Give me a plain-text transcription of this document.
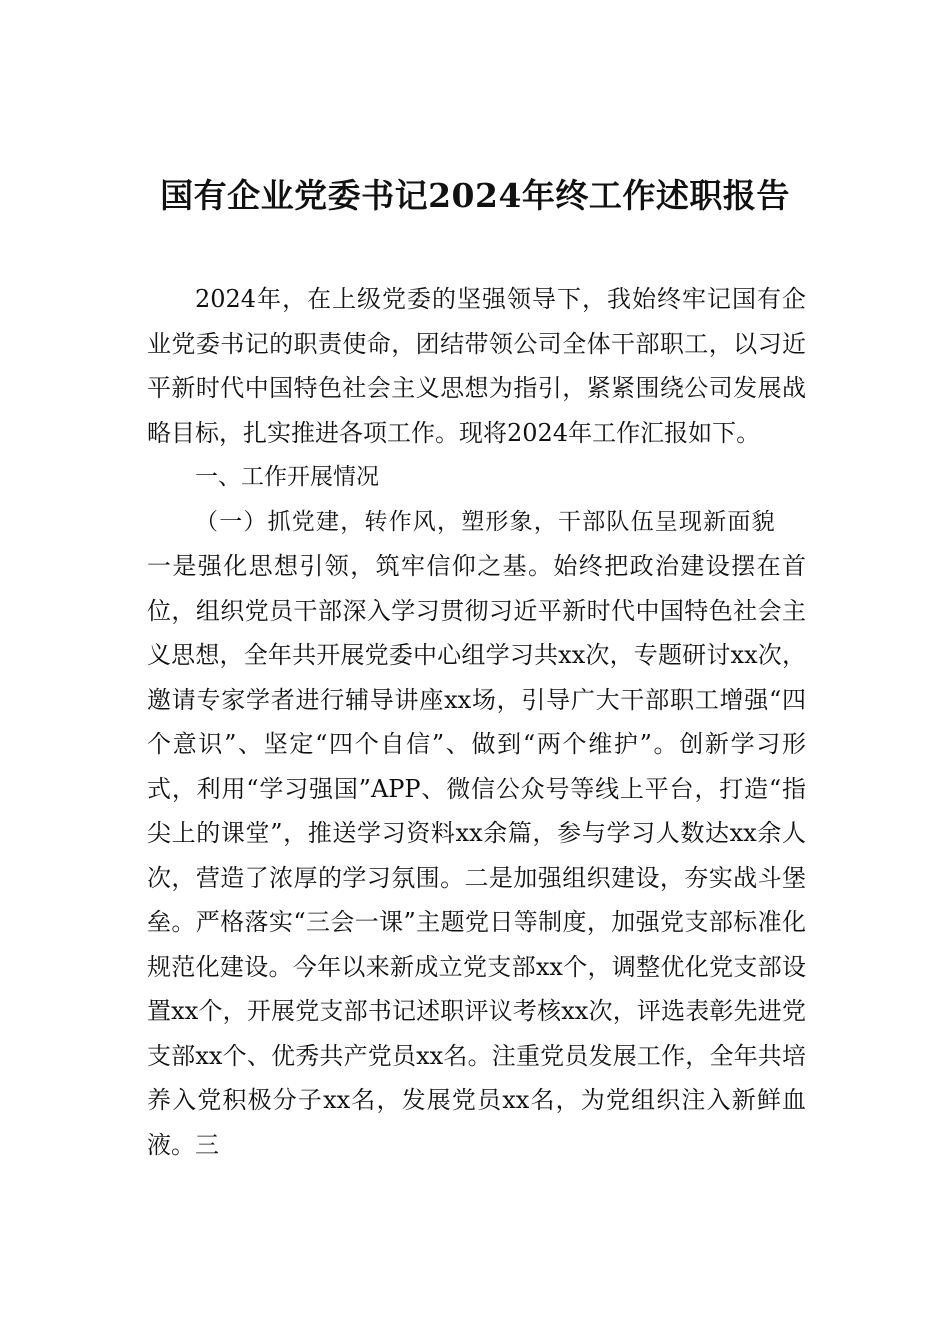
国有企业党委书记2024年终工作述职报告

2024年，在上级党委的坚强领导下，我始终牢记国有企业党委书记的职责使命，团结带领公司全体干部职工，以习近平新时代中国特色社会主义思想为指引，紧紧围绕公司发展战略目标，扎实推进各项工作。现将2024年工作汇报如下。

一、工作开展情况

（一）抓党建，转作风，塑形象，干部队伍呈现新面貌

一是强化思想引领，筑牢信仰之基。始终把政治建设摆在首位，组织党员干部深入学习贯彻习近平新时代中国特色社会主义思想，全年共开展党委中心组学习共xx次，专题研讨xx次，邀请专家学者进行辅导讲座xx场，引导广大干部职工增强“四个意识”、坚定“四个自信”、做到“两个维护”。创新学习形式，利用“学习强国”APP、微信公众号等线上平台，打造“指尖上的课堂”，推送学习资料xx余篇，参与学习人数达xx余人次，营造了浓厚的学习氛围。二是加强组织建设，夯实战斗堡垒。严格落实“三会一课”主题党日等制度，加强党支部标准化规范化建设。今年以来新成立党支部xx个，调整优化党支部设置xx个，开展党支部书记述职评议考核xx次，评选表彰先进党支部xx个、优秀共产党员xx名。注重党员发展工作，全年共培养入党积极分子xx名，发展党员xx名，为党组织注入新鲜血液。三
